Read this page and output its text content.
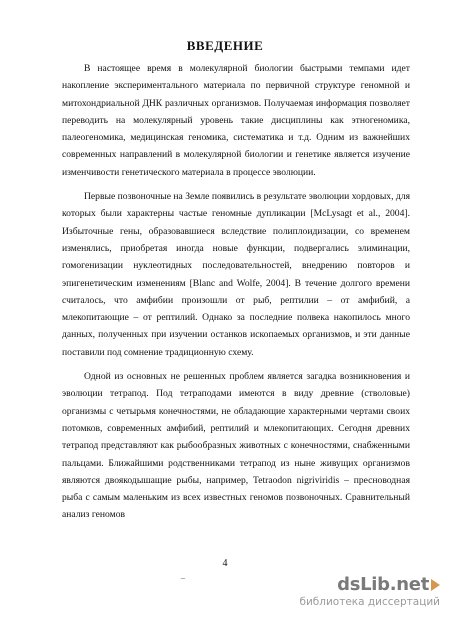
ВВЕДЕНИЕ

В настоящее время в молекулярной биологии быстрыми темпами идет накопление экспериментального материала по первичной структуре геномной и митохондриальной ДНК различных организмов. Получаемая информация позволяет переводить на молекулярный уровень такие дисциплины как этногеномика, палеогеномика, медицинская геномика, систематика и т.д. Одним из важнейших современных направлений в молекулярной биологии и генетике является изучение изменчивости генетического материала в процессе эволюции.

Первые позвоночные на Земле появились в результате эволюции хордовых, для которых были характерны частые геномные дупликации [McLysagt et al., 2004]. Избыточные гены, образовавшиеся вследствие полиплоидизации, со временем изменялись, приобретая иногда новые функции, подвергались элиминации, гомогенизации нуклеотидных последовательностей, внедрению повторов и эпигенетическим изменениям [Blanc and Wolfe, 2004]. В течение долгого времени считалось, что амфибии произошли от рыб, рептилии – от амфибий, а млекопитающие – от рептилий. Однако за последние полвека накопилось много данных, полученных при изучении останков ископаемых организмов, и эти данные поставили под сомнение традиционную схему.

Одной из основных не решенных проблем является загадка возникновения и эволюции тетрапод. Под тетраподами имеются в виду древние (стволовые) организмы с четырьмя конечностями, не обладающие характерными чертами своих потомков, современных амфибий, рептилий и млекопитающих. Сегодня древних тетрапод представляют как рыбообразных животных с конечностями, снабженными пальцами. Ближайшими родственниками тетрапод из ныне живущих организмов являются двоякодышащие рыбы, например, Tetraodon nigriviridis – пресноводная рыба с самым маленьким из всех известных геномов позвоночных. Сравнительный анализ геномов

4
~	dsLib.net
библиотека диссертаций
